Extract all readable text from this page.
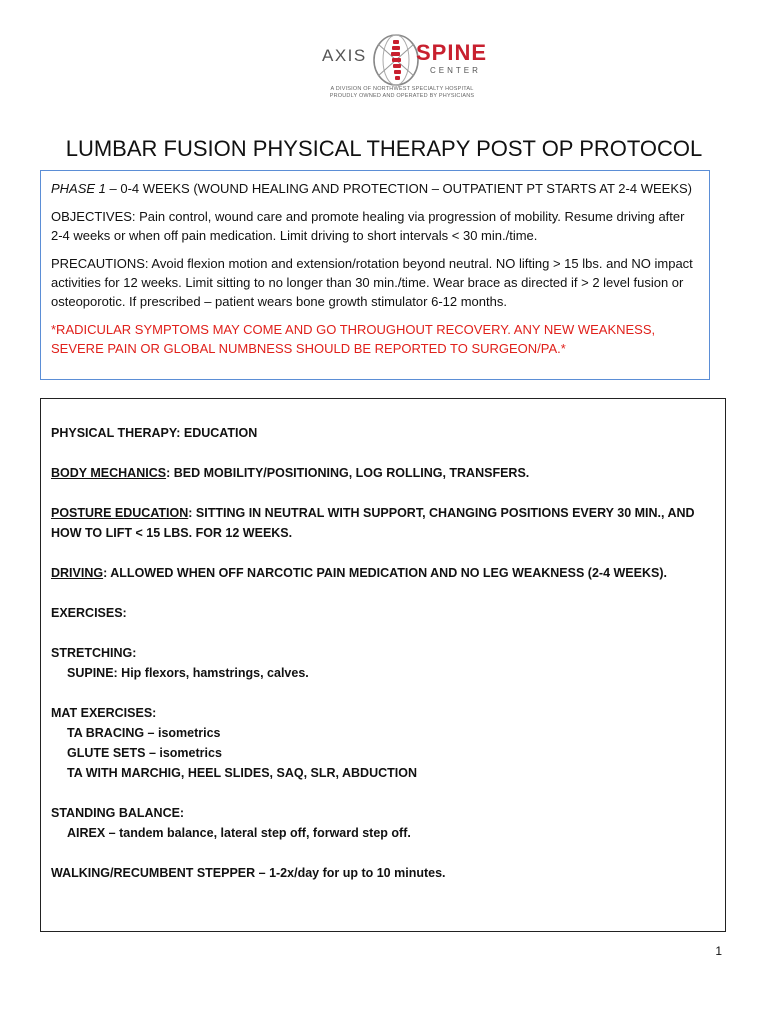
AXIS SPINE
CENTER
A DIVISION OF NORTHWEST SPECIALTY HOSPITAL
PROUDLY OWNED AND OPERATED BY PHYSICIANS
LUMBAR FUSION PHYSICAL THERAPY POST OP PROTOCOL

PHASE 1 – 0-4 WEEKS (WOUND HEALING AND PROTECTION – OUTPATIENT PT STARTS AT 2-4 WEEKS)

OBJECTIVES: Pain control, wound care and promote healing via progression of mobility. Resume driving after 2-4 weeks or when off pain medication. Limit driving to short intervals < 30 min./time.

PRECAUTIONS: Avoid flexion motion and extension/rotation beyond neutral. NO lifting > 15 lbs. and NO impact activities for 12 weeks. Limit sitting to no longer than 30 min./time. Wear brace as directed if > 2 level fusion or osteoporotic. If prescribed – patient wears bone growth stimulator 6-12 months.

*RADICULAR SYMPTOMS MAY COME AND GO THROUGHOUT RECOVERY. ANY NEW WEAKNESS, SEVERE PAIN OR GLOBAL NUMBNESS SHOULD BE REPORTED TO SURGEON/PA.*

PHYSICAL THERAPY: EDUCATION

BODY MECHANICS: BED MOBILITY/POSITIONING, LOG ROLLING, TRANSFERS.

POSTURE EDUCATION: SITTING IN NEUTRAL WITH SUPPORT, CHANGING POSITIONS EVERY 30 MIN., AND HOW TO LIFT < 15 LBS. FOR 12 WEEKS.

DRIVING: ALLOWED WHEN OFF NARCOTIC PAIN MEDICATION AND NO LEG WEAKNESS (2-4 WEEKS).

EXERCISES:

STRETCHING:
SUPINE: Hip flexors, hamstrings, calves.

MAT EXERCISES:
TA BRACING – isometrics
GLUTE SETS – isometrics
TA WITH MARCHIG, HEEL SLIDES, SAQ, SLR, ABDUCTION

STANDING BALANCE:
AIREX – tandem balance, lateral step off, forward step off.

WALKING/RECUMBENT STEPPER – 1-2x/day for up to 10 minutes.

1
